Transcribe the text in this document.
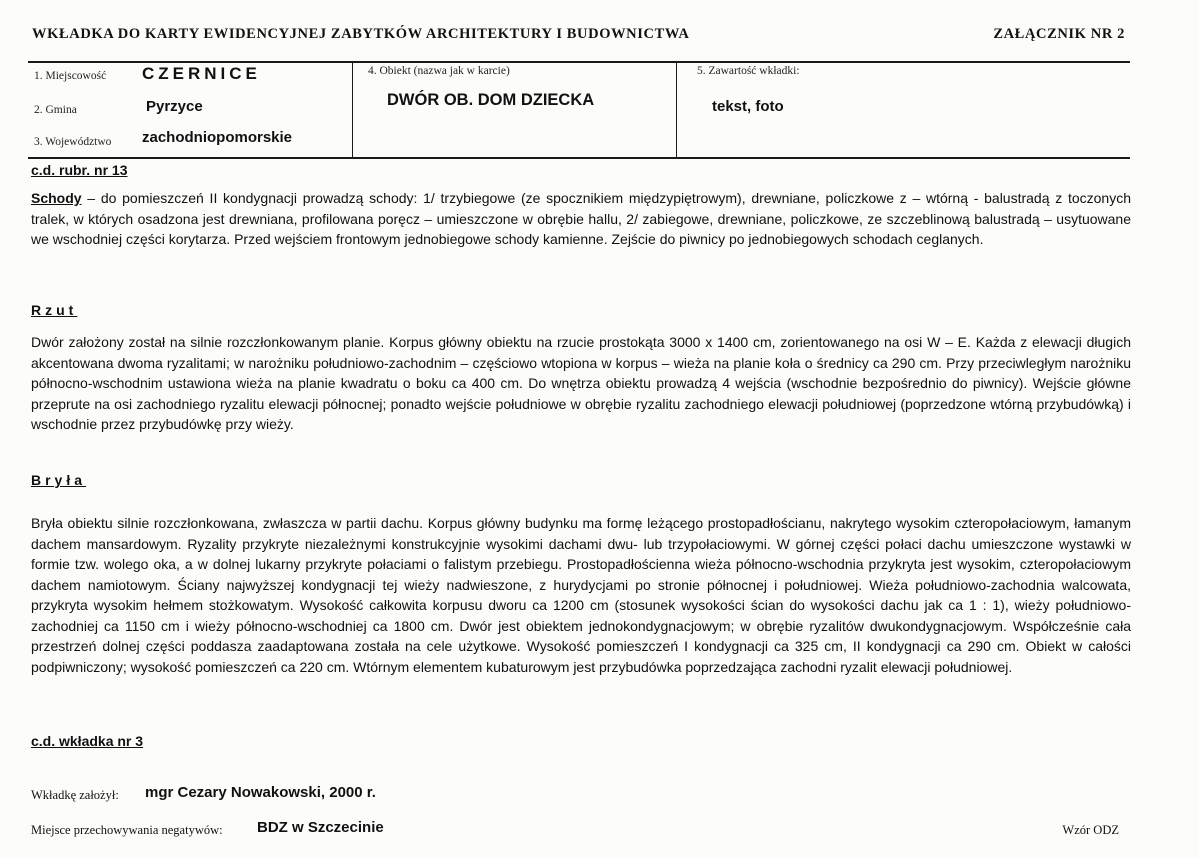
WKŁADKA DO KARTY EWIDENCYJNEJ ZABYTKÓW ARCHITEKTURY I BUDOWNICTWA	ZAŁĄCZNIK NR 2
1. Miejscowość CZERNICE
2. Gmina	Pyrzyce
3. Województwo zachodniopomorskie
4. Obiekt (nazwa jak w karcie)
DWÓR OB. DOM DZIECKA
5. Zawartość wkładki:
tekst, foto
c.d. rubr. nr 13

Schody – do pomieszczeń II kondygnacji prowadzą schody: 1/ trzybiegowe (ze spocznikiem międzypiętrowym), drewniane, policzkowe z – wtórną - balustradą z toczonych tralek, w których osadzona jest drewniana, profilowana poręcz – umieszczone w obrębie hallu, 2/ zabiegowe, drewniane, policzkowe, ze szczeblinową balustradą – usytuowane we wschodniej części korytarza. Przed wejściem frontowym jednobiegowe schody kamienne. Zejście do piwnicy po jednobiegowych schodach ceglanych.

Rzut

Dwór założony został na silnie rozczłonkowanym planie. Korpus główny obiektu na rzucie prostokąta 3000 x 1400 cm, zorientowanego na osi W – E. Każda z elewacji długich akcentowana dwoma ryzalitami; w narożniku południowo-zachodnim – częściowo wtopiona w korpus – wieża na planie koła o średnicy ca 290 cm. Przy przeciwległym narożniku północno-wschodnim ustawiona wieża na planie kwadratu o boku ca 400 cm. Do wnętrza obiektu prowadzą 4 wejścia (wschodnie bezpośrednio do piwnicy). Wejście główne przeprute na osi zachodniego ryzalitu elewacji północnej; ponadto wejście południowe w obrębie ryzalitu zachodniego elewacji południowej (poprzedzone wtórną przybudówką) i wschodnie przez przybudówkę przy wieży.

Bryła

Bryła obiektu silnie rozczłonkowana, zwłaszcza w partii dachu. Korpus główny budynku ma formę leżącego prostopadłościanu, nakrytego wysokim czteropołaciowym, łamanym dachem mansardowym. Ryzality przykryte niezależnymi konstrukcyjnie wysokimi dachami dwu- lub trzypołaciowymi. W górnej części połaci dachu umieszczone wystawki w formie tzw. wolego oka, a w dolnej lukarny przykryte połaciami o falistym przebiegu. Prostopadłościenna wieża północno-wschodnia przykryta jest wysokim, czteropołaciowym dachem namiotowym. Ściany najwyższej kondygnacji tej wieży nadwieszone, z hurydycjami po stronie północnej i południowej. Wieża południowo-zachodnia walcowata, przykryta wysokim hełmem stożkowatym. Wysokość całkowita korpusu dworu ca 1200 cm (stosunek wysokości ścian do wysokości dachu jak ca 1 : 1), wieży południowo-zachodniej ca 1150 cm i wieży północno-wschodniej ca 1800 cm. Dwór jest obiektem jednokondygnacjowym; w obrębie ryzalitów dwukondygnacjowym. Współcześnie cała przestrzeń dolnej części poddasza zaadaptowana została na cele użytkowe. Wysokość pomieszczeń I kondygnacji ca 325 cm, II kondygnacji ca 290 cm. Obiekt w całości podpiwniczony; wysokość pomieszczeń ca 220 cm. Wtórnym elementem kubaturowym jest przybudówka poprzedzająca zachodni ryzalit elewacji południowej.

c.d. wkładka nr 3
Wkładkę założył: mgr Cezary Nowakowski, 2000 r.
Miejsce przechowywania negatywów: BDZ w Szczecinie	Wzór ODZ
